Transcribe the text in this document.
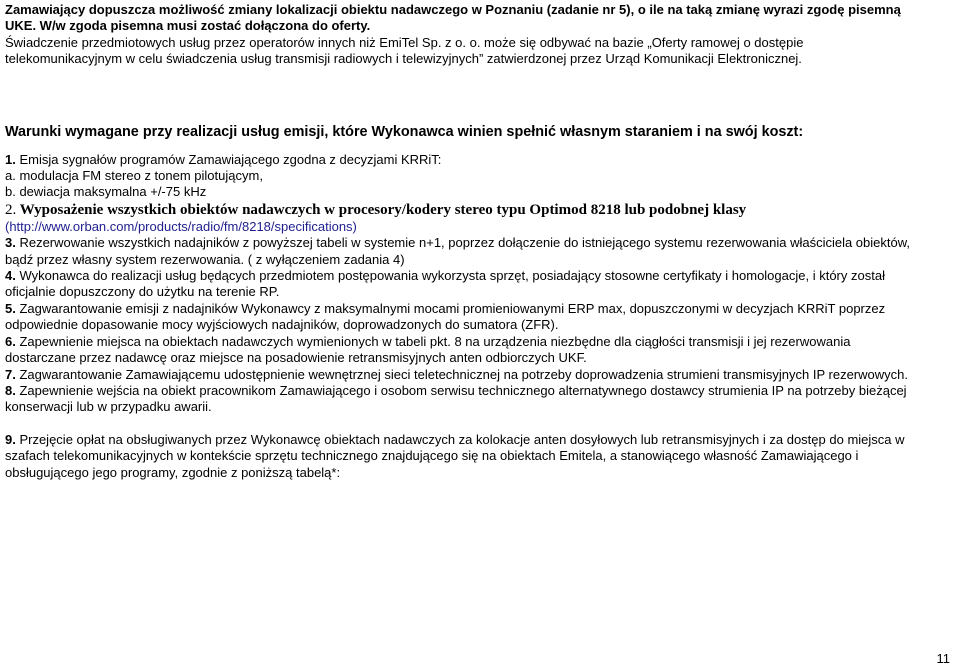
Zamawiający dopuszcza możliwość zmiany lokalizacji obiektu nadawczego w Poznaniu (zadanie nr 5), o ile na taką zmianę wyrazi zgodę pisemną

UKE. W/w zgoda pisemna musi zostać dołączona do oferty.

Świadczenie przedmiotowych usług przez operatorów innych niż EmiTel Sp. z o. o. może się odbywać na bazie „Oferty ramowej o dostępie

telekomunikacyjnym w celu świadczenia usług transmisji radiowych i telewizyjnych” zatwierdzonej przez Urząd Komunikacji Elektronicznej.

Warunki wymagane przy realizacji usług emisji, które Wykonawca winien spełnić własnym staraniem i na swój koszt:

1. Emisja sygnałów programów Zamawiającego zgodna z decyzjami KRRiT:

a. modulacja FM stereo z tonem pilotującym,

b. dewiacja maksymalna +/-75 kHz

2. Wyposażenie wszystkich obiektów nadawczych w procesory/kodery stereo typu Optimod 8218 lub podobnej klasy

(http://www.orban.com/products/radio/fm/8218/specifications)

3. Rezerwowanie wszystkich nadajników z powyższej tabeli w systemie n+1, poprzez dołączenie do istniejącego systemu rezerwowania właściciela obiektów,

bądź przez własny system rezerwowania. ( z wyłączeniem zadania 4)

4. Wykonawca do realizacji usług będących przedmiotem postępowania wykorzysta sprzęt, posiadający stosowne certyfikaty i homologacje, i który został

oficjalnie dopuszczony do użytku na terenie RP.

5. Zagwarantowanie emisji z nadajników Wykonawcy z maksymalnymi mocami promieniowanymi ERP max, dopuszczonymi w decyzjach KRRiT poprzez

odpowiednie dopasowanie mocy wyjściowych nadajników, doprowadzonych do sumatora (ZFR).

6. Zapewnienie miejsca na obiektach nadawczych wymienionych w tabeli pkt. 8 na urządzenia niezbędne dla ciągłości transmisji i jej rezerwowania

dostarczane przez nadawcę oraz miejsce na posadowienie retransmisyjnych anten odbiorczych UKF.

7. Zagwarantowanie Zamawiającemu udostępnienie wewnętrznej sieci teletechnicznej na potrzeby doprowadzenia strumieni transmisyjnych IP rezerwowych.

8. Zapewnienie wejścia na obiekt pracownikom Zamawiającego i osobom serwisu technicznego alternatywnego dostawcy strumienia IP na potrzeby bieżącej

konserwacji lub w przypadku awarii.

9. Przejęcie opłat na obsługiwanych przez Wykonawcę obiektach nadawczych za kolokacje anten dosyłowych lub retransmisyjnych i za dostęp do miejsca w

szafach telekomunikacyjnych w kontekście sprzętu technicznego znajdującego się na obiektach Emitela, a stanowiącego własność Zamawiającego i

obsługującego jego programy, zgodnie z poniższą tabelą*:

11
